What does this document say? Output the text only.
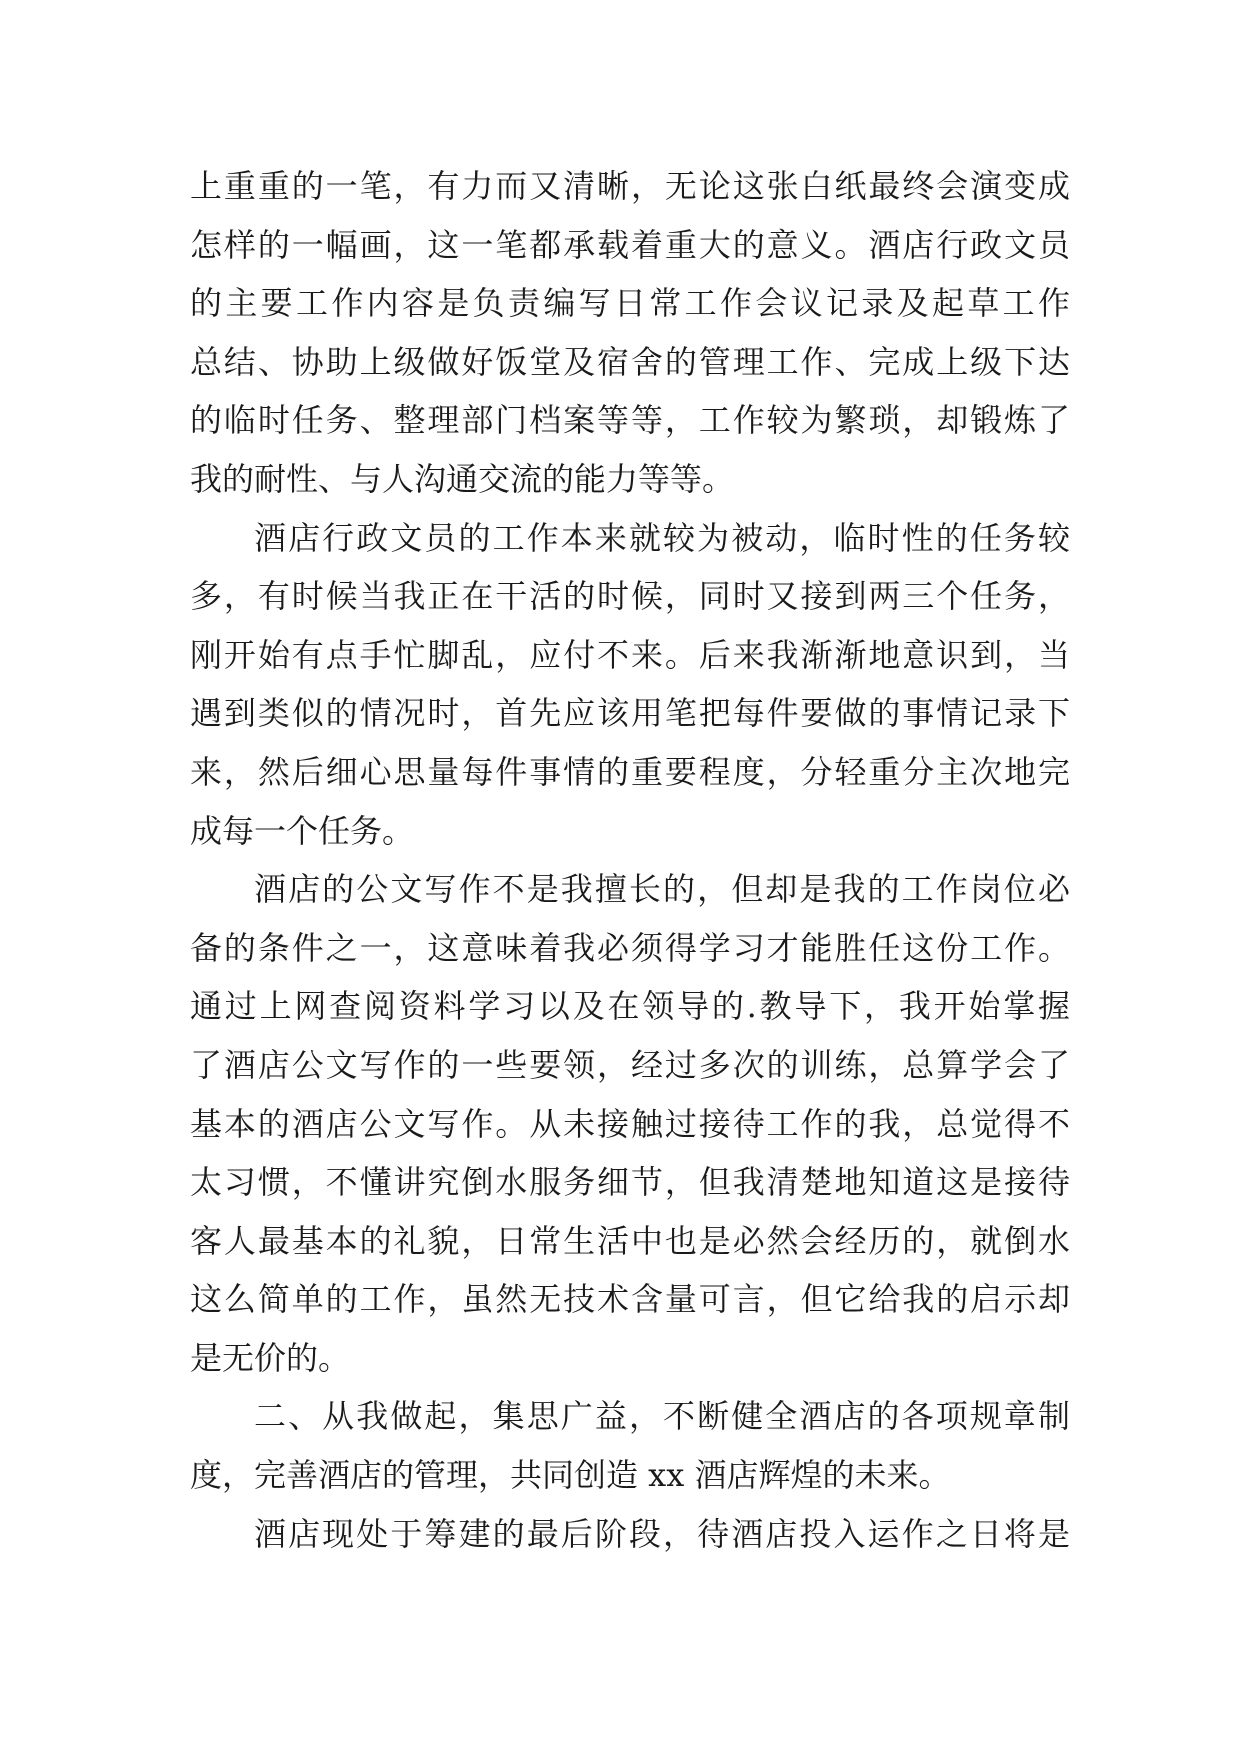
上重重的一笔，有力而又清晰，无论这张白纸最终会演变成
怎样的一幅画，这一笔都承载着重大的意义。酒店行政文员
的主要工作内容是负责编写日常工作会议记录及起草工作
总结、协助上级做好饭堂及宿舍的管理工作、完成上级下达
的临时任务、整理部门档案等等，工作较为繁琐，却锻炼了
我的耐性、与人沟通交流的能力等等。
酒店行政文员的工作本来就较为被动，临时性的任务较
多，有时候当我正在干活的时候，同时又接到两三个任务，
刚开始有点手忙脚乱，应付不来。后来我渐渐地意识到，当
遇到类似的情况时，首先应该用笔把每件要做的事情记录下
来，然后细心思量每件事情的重要程度，分轻重分主次地完
成每一个任务。
酒店的公文写作不是我擅长的，但却是我的工作岗位必
备的条件之一，这意味着我必须得学习才能胜任这份工作。
通过上网查阅资料学习以及在领导的.教导下，我开始掌握
了酒店公文写作的一些要领，经过多次的训练，总算学会了
基本的酒店公文写作。从未接触过接待工作的我，总觉得不
太习惯，不懂讲究倒水服务细节，但我清楚地知道这是接待
客人最基本的礼貌，日常生活中也是必然会经历的，就倒水
这么简单的工作，虽然无技术含量可言，但它给我的启示却
是无价的。
二、从我做起，集思广益，不断健全酒店的各项规章制
度，完善酒店的管理，共同创造 xx 酒店辉煌的未来。
酒店现处于筹建的最后阶段，待酒店投入运作之日将是
